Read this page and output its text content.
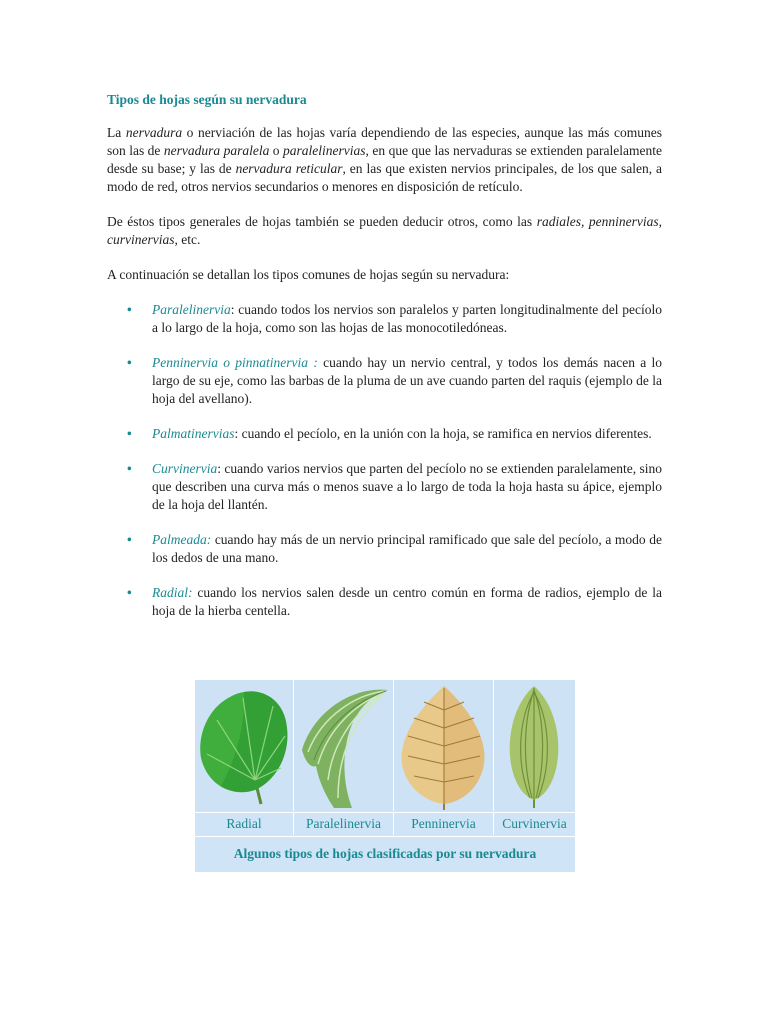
Tipos de hojas según su nervadura

La nervadura o nerviación de las hojas varía dependiendo de las especies, aunque las más comunes son las de nervadura paralela o paralelinervias, en que que las nervaduras se extienden paralelamente desde su base; y las de nervadura reticular, en las que existen nervios principales, de los que salen, a modo de red, otros nervios secundarios o menores en disposición de retículo.

De éstos tipos generales de hojas también se pueden deducir otros, como las radiales, penninervias, curvinervias, etc.

A continuación se detallan los tipos comunes de hojas según su nervadura:

• Paralelinervia: cuando todos los nervios son paralelos y parten longitudinalmente del pecíolo a lo largo de la hoja, como son las hojas de las monocotiledóneas.
• Penninervia o pinnatinervia : cuando hay un nervio central, y todos los demás nacen a lo largo de su eje, como las barbas de la pluma de un ave cuando parten del raquis (ejemplo de la hoja del avellano).
• Palmatinervias: cuando el pecíolo, en la unión con la hoja, se ramifica en nervios diferentes.
• Curvinervia: cuando varios nervios que parten del pecíolo no se extienden paralelamente, sino que describen una curva más o menos suave a lo largo de toda la hoja hasta su ápice, ejemplo de la hoja del llantén.
• Palmeada: cuando hay más de un nervio principal ramificado que sale del pecíolo, a modo de los dedos de una mano.
• Radial: cuando los nervios salen desde un centro común en forma de radios, ejemplo de la hoja de la hierba centella.
Radial	Paralelinervia	Penninervia	Curvinervia
Algunos tipos de hojas clasificadas por su nervadura
